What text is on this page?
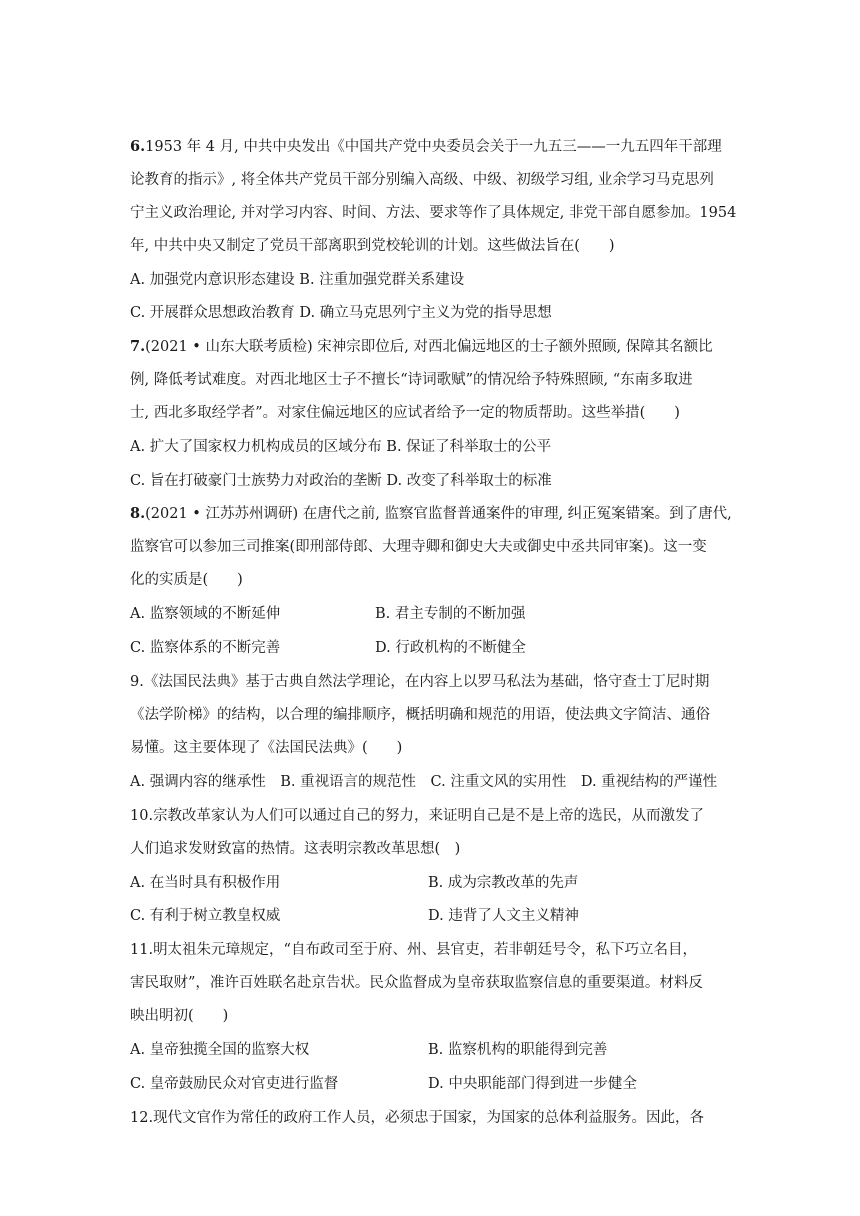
6.1953 年 4 月, 中共中央发出《中国共产党中央委员会关于一九五三——一九五四年干部理
论教育的指示》, 将全体共产党员干部分别编入高级、中级、初级学习组, 业余学习马克思列
宁主义政治理论, 并对学习内容、时间、方法、要求等作了具体规定, 非党干部自愿参加。1954
年, 中共中央又制定了党员干部离职到党校轮训的计划。这些做法旨在(　　)
A. 加强党内意识形态建设 B. 注重加强党群关系建设
C. 开展群众思想政治教育 D. 确立马克思列宁主义为党的指导思想
7.(2021 • 山东大联考质检) 宋神宗即位后, 对西北偏远地区的士子额外照顾, 保障其名额比
例, 降低考试难度。对西北地区士子不擅长“诗词歌赋”的情况给予特殊照顾, “东南多取进
士, 西北多取经学者”。对家住偏远地区的应试者给予一定的物质帮助。这些举措(　　)
A. 扩大了国家权力机构成员的区域分布 B. 保证了科举取士的公平
C. 旨在打破豪门士族势力对政治的垄断 D. 改变了科举取士的标准
8.(2021 • 江苏苏州调研) 在唐代之前, 监察官监督普通案件的审理, 纠正冤案错案。到了唐代,
监察官可以参加三司推案(即刑部侍郎、大理寺卿和御史大夫或御史中丞共同审案)。这一变
化的实质是(　　)
A. 监察领域的不断延伸	B. 君主专制的不断加强
C. 监察体系的不断完善	D. 行政机构的不断健全
9.《法国民法典》基于古典自然法学理论，在内容上以罗马私法为基础，恪守查士丁尼时期
《法学阶梯》的结构，以合理的编排顺序，概括明确和规范的用语，使法典文字简洁、通俗
易懂。这主要体现了《法国民法典》(　　)
A. 强调内容的继承性　B. 重视语言的规范性　C. 注重文风的实用性　D. 重视结构的严谨性
10.宗教改革家认为人们可以通过自己的努力，来证明自己是不是上帝的选民，从而激发了
人们追求发财致富的热情。这表明宗教改革思想(　)
A. 在当时具有积极作用	B. 成为宗教改革的先声
C. 有利于树立教皇权威	D. 违背了人文主义精神
11.明太祖朱元璋规定，“自布政司至于府、州、县官吏，若非朝廷号令，私下巧立名目，
害民取财”，准许百姓联名赴京告状。民众监督成为皇帝获取监察信息的重要渠道。材料反
映出明初(　　)
A. 皇帝独揽全国的监察大权	B. 监察机构的职能得到完善
C. 皇帝鼓励民众对官吏进行监督	D. 中央职能部门得到进一步健全
12.现代文官作为常任的政府工作人员，必须忠于国家，为国家的总体利益服务。因此，各
